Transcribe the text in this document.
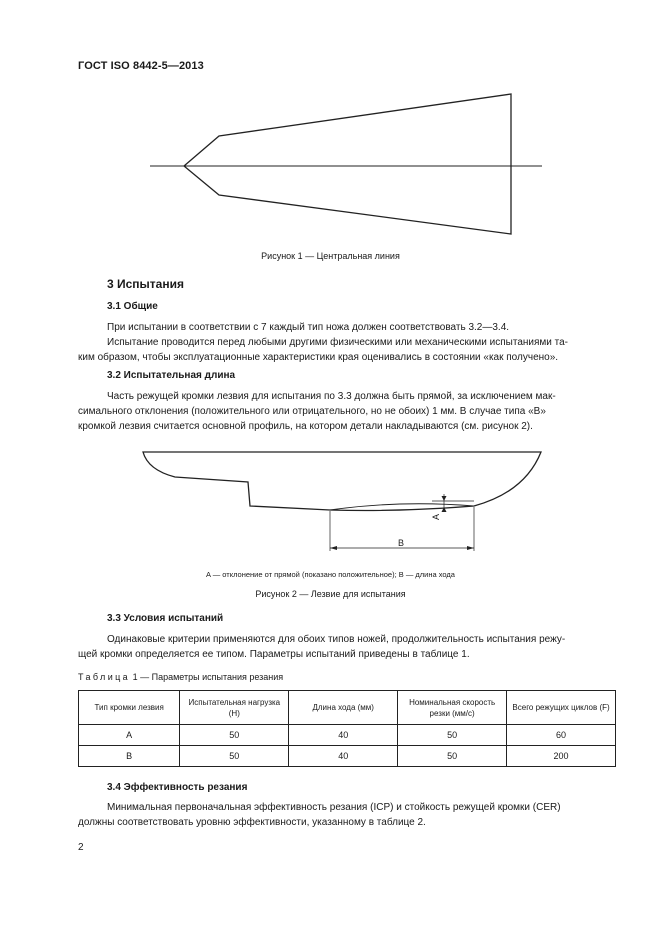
ГОСТ ISO 8442-5—2013
Рисунок 1 — Центральная линия
3 Испытания
3.1 Общие
При испытании в соответствии с 7 каждый тип ножа должен соответствовать 3.2—3.4.
Испытание проводится перед любыми другими физическими или механическими испытаниями та-
ким образом, чтобы эксплуатационные характеристики края оценивались в состоянии «как получено».
3.2 Испытательная длина
Часть режущей кромки лезвия для испытания по 3.3 должна быть прямой, за исключением мак-
симального отклонения (положительного или отрицательного, но не обоих) 1 мм. В случае типа «В»
кромкой лезвия считается основной профиль, на котором детали накладываются (см. рисунок 2).
A
B
A — отклонение от прямой (показано положительное); B — длина хода
Рисунок 2 — Лезвие для испытания
3.3 Условия испытаний
Одинаковые критерии применяются для обоих типов ножей, продолжительность испытания режу-
щей кромки определяется ее типом. Параметры испытаний приведены в таблице 1.
Таблица 1 — Параметры испытания резания
Тип кромки лезвия	Испытательная нагрузка (Н)	Длина хода (мм)	Номинальная скорость резки (мм/с)	Всего режущих циклов (F)
A	50	40	50	60
B	50	40	50	200
3.4 Эффективность резания
Минимальная первоначальная эффективность резания (ICP) и стойкость режущей кромки (CER)
должны соответствовать уровню эффективности, указанному в таблице 2.
2
